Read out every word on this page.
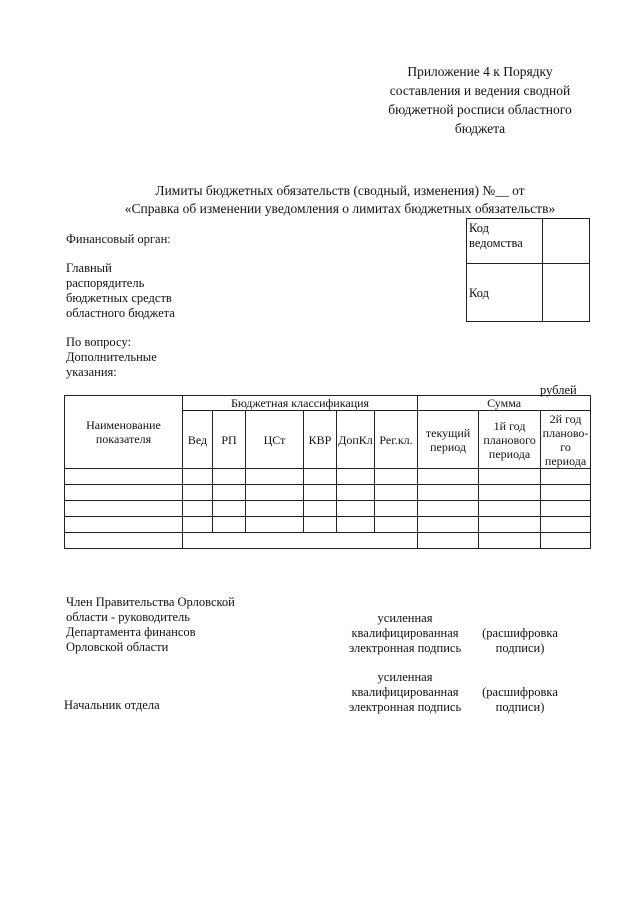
Приложение 4 к Порядку
составления и ведения сводной
бюджетной росписи областного
бюджета
Лимиты бюджетных обязательств (сводный, изменения) №__ от
«Справка об изменении уведомления о лимитах бюджетных обязательств»
Финансовый орган:
Главный
распорядитель
бюджетных средств
областного бюджета
По вопросу:
Дополнительные
указания:
Код ведомства
Код
рублей
Наименование показателя	Бюджетная классификация						Сумма		
	Вед	РП	ЦСт	КВР	ДопКл	Рег.кл.	текущий период	1й год планового периода	2й год планово-го периода

Член Правительства Орловской
области - руководитель
Департамента финансов
Орловской области
усиленная
квалифицированная
электронная подпись
(расшифровка
подписи)
Начальник отдела
усиленная
квалифицированная
электронная подпись
(расшифровка
подписи)
